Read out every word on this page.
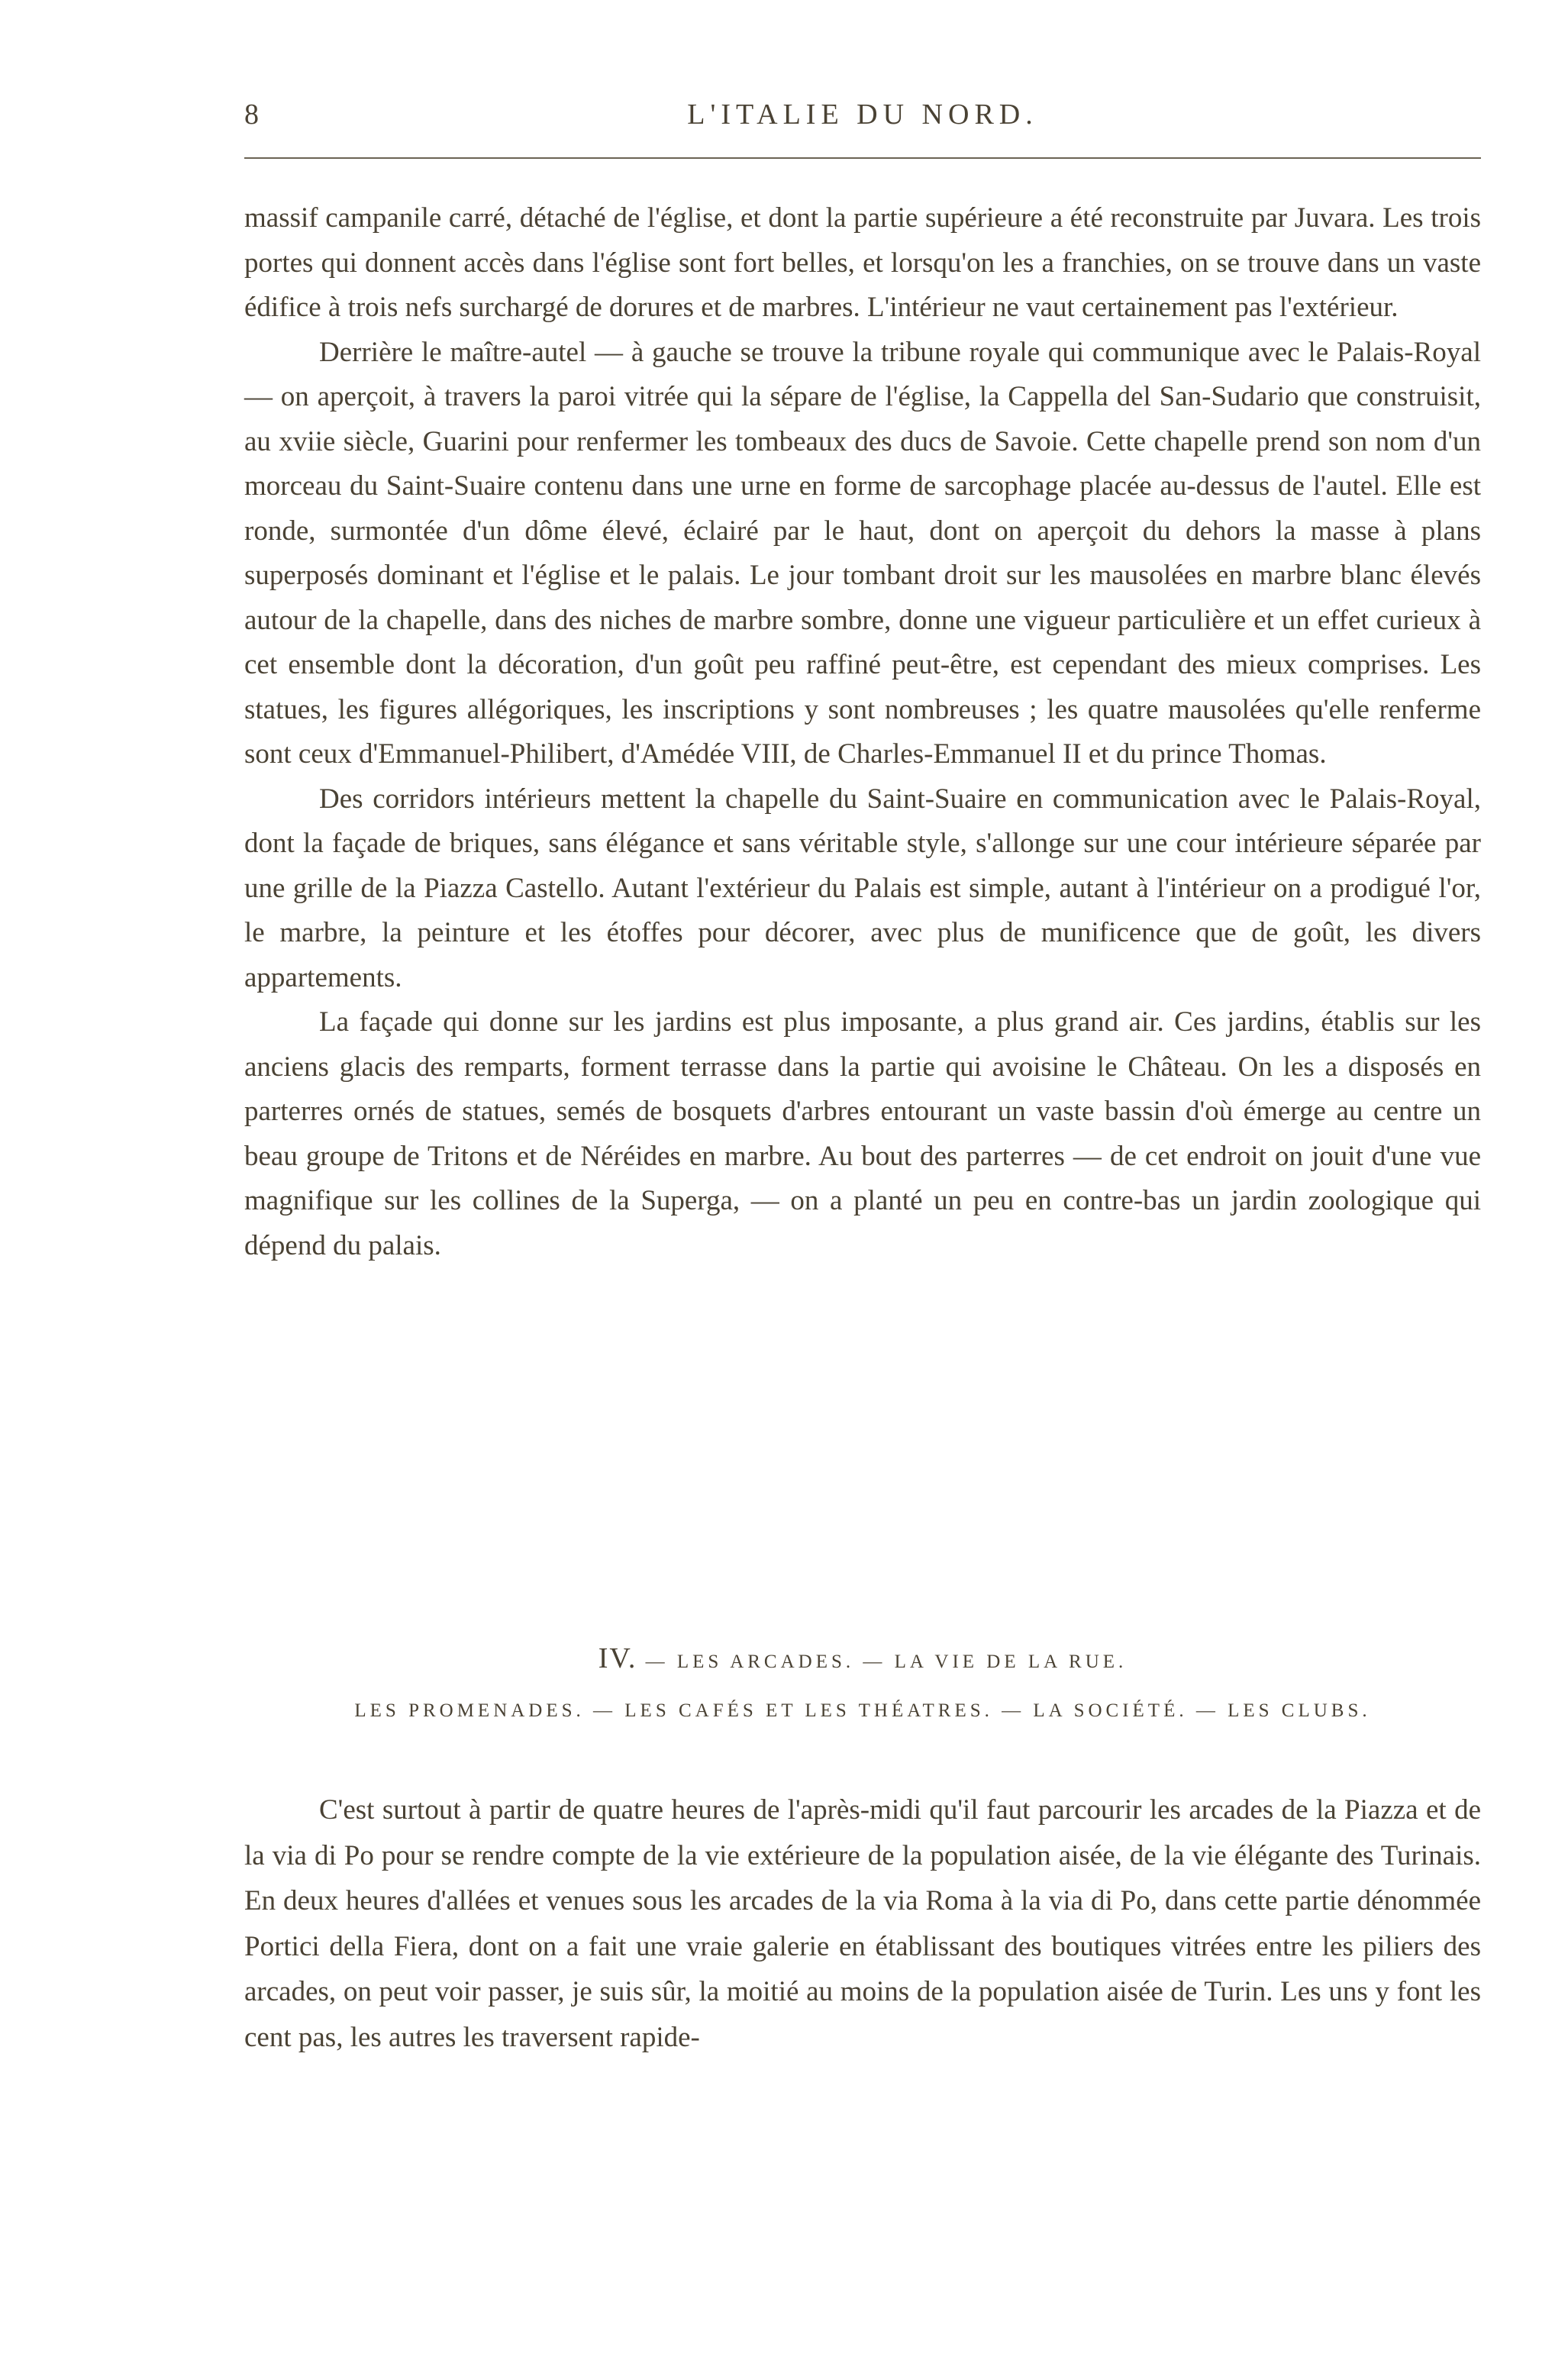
8	L'ITALIE DU NORD.

massif campanile carré, détaché de l'église, et dont la partie supérieure a été reconstruite par Juvara. Les trois portes qui donnent accès dans l'église sont fort belles, et lorsqu'on les a franchies, on se trouve dans un vaste édifice à trois nefs surchargé de dorures et de marbres. L'intérieur ne vaut certainement pas l'extérieur.

Derrière le maître-autel — à gauche se trouve la tribune royale qui communique avec le Palais-Royal — on aperçoit, à travers la paroi vitrée qui la sépare de l'église, la Cappella del San-Sudario que construisit, au xviie siècle, Guarini pour renfermer les tombeaux des ducs de Savoie. Cette chapelle prend son nom d'un morceau du Saint-Suaire contenu dans une urne en forme de sarcophage placée au-dessus de l'autel. Elle est ronde, surmontée d'un dôme élevé, éclairé par le haut, dont on aperçoit du dehors la masse à plans superposés dominant et l'église et le palais. Le jour tombant droit sur les mausolées en marbre blanc élevés autour de la chapelle, dans des niches de marbre sombre, donne une vigueur particulière et un effet curieux à cet ensemble dont la décoration, d'un goût peu raffiné peut-être, est cependant des mieux comprises. Les statues, les figures allégoriques, les inscriptions y sont nombreuses ; les quatre mausolées qu'elle renferme sont ceux d'Emmanuel-Philibert, d'Amédée VIII, de Charles-Emmanuel II et du prince Thomas.

Des corridors intérieurs mettent la chapelle du Saint-Suaire en communication avec le Palais-Royal, dont la façade de briques, sans élégance et sans véritable style, s'allonge sur une cour intérieure séparée par une grille de la Piazza Castello. Autant l'extérieur du Palais est simple, autant à l'intérieur on a prodigué l'or, le marbre, la peinture et les étoffes pour décorer, avec plus de munificence que de goût, les divers appartements.

La façade qui donne sur les jardins est plus imposante, a plus grand air. Ces jardins, établis sur les anciens glacis des remparts, forment terrasse dans la partie qui avoisine le Château. On les a disposés en parterres ornés de statues, semés de bosquets d'arbres entourant un vaste bassin d'où émerge au centre un beau groupe de Tritons et de Néréides en marbre. Au bout des parterres — de cet endroit on jouit d'une vue magnifique sur les collines de la Superga, — on a planté un peu en contre-bas un jardin zoologique qui dépend du palais.

IV. — LES ARCADES. — LA VIE DE LA RUE.
LES PROMENADES. — LES CAFÉS ET LES THÉATRES. — LA SOCIÉTÉ. — LES CLUBS.

C'est surtout à partir de quatre heures de l'après-midi qu'il faut parcourir les arcades de la Piazza et de la via di Po pour se rendre compte de la vie extérieure de la population aisée, de la vie élégante des Turinais. En deux heures d'allées et venues sous les arcades de la via Roma à la via di Po, dans cette partie dénommée Portici della Fiera, dont on a fait une vraie galerie en établissant des boutiques vitrées entre les piliers des arcades, on peut voir passer, je suis sûr, la moitié au moins de la population aisée de Turin. Les uns y font les cent pas, les autres les traversent rapide-
